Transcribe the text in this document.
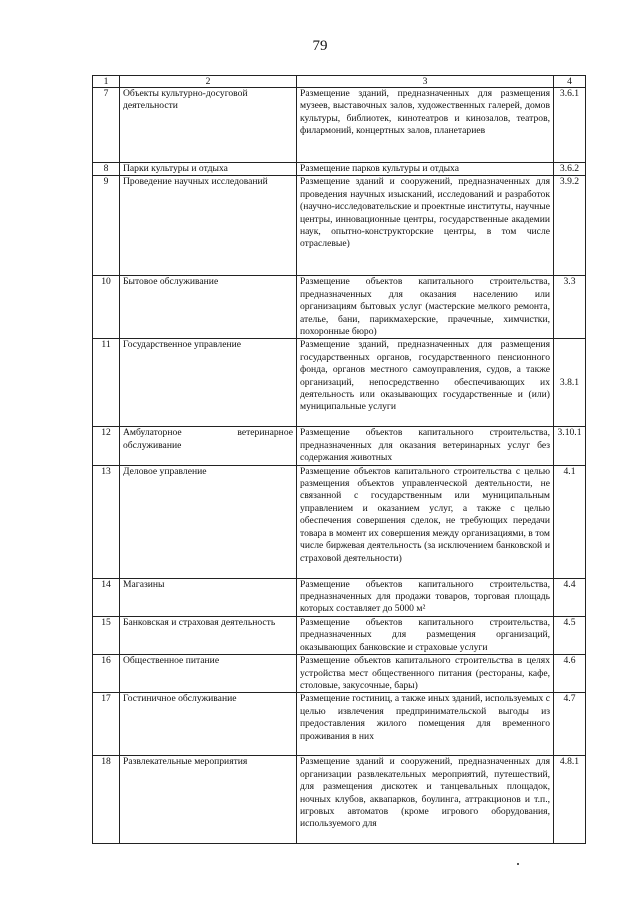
79
1	2	3	4
7	Объекты культурно-досуговой деятельности	Размещение зданий, предназначенных для размещения музеев, выставочных залов, художественных галерей, домов культуры, библиотек, кинотеатров и кинозалов, театров, филармоний, концертных залов, планетариев	3.6.1
8	Парки культуры и отдыха	Размещение парков культуры и отдыха	3.6.2
9	Проведение научных исследований	Размещение зданий и сооружений, предназначенных для проведения научных изысканий, исследований и разработок (научно-исследовательские и проектные институты, научные центры, инновационные центры, государственные академии наук, опытно-конструкторские центры, в том числе отраслевые)	3.9.2
10	Бытовое обслуживание	Размещение объектов капитального строительства, предназначенных для оказания населению или организациям бытовых услуг (мастерские мелкого ремонта, ателье, бани, парикмахерские, прачечные, химчистки, похоронные бюро)	3.3
11	Государственное управление	Размещение зданий, предназначенных для размещения государственных органов, государственного пенсионного фонда, органов местного самоуправления, судов, а также организаций, непосредственно обеспечивающих их деятельность или оказывающих государственные и (или) муниципальные услуги	3.8.1
12	Амбулаторное ветеринарное обслуживание	Размещение объектов капитального строительства, предназначенных для оказания ветеринарных услуг без содержания животных	3.10.1
13	Деловое управление	Размещение объектов капитального строительства с целью размещения объектов управленческой деятельности, не связанной с государственным или муниципальным управлением и оказанием услуг, а также с целью обеспечения совершения сделок, не требующих передачи товара в момент их совершения между организациями, в том числе биржевая деятельность (за исключением банковской и страховой деятельности)	4.1
14	Магазины	Размещение объектов капитального строительства, предназначенных для продажи товаров, торговая площадь которых составляет до 5000 м²	4.4
15	Банковская и страховая деятельность	Размещение объектов капитального строительства, предназначенных для размещения организаций, оказывающих банковские и страховые услуги	4.5
16	Общественное питание	Размещение объектов капитального строительства в целях устройства мест общественного питания (рестораны, кафе, столовые, закусочные, бары)	4.6
17	Гостиничное обслуживание	Размещение гостиниц, а также иных зданий, используемых с целью извлечения предпринимательской выгоды из предоставления жилого помещения для временного проживания в них	4.7
18	Развлекательные мероприятия	Размещение зданий и сооружений, предназначенных для организации развлекательных мероприятий, путешествий, для размещения дискотек и танцевальных площадок, ночных клубов, аквапарков, боулинга, аттракционов и т.п., игровых автоматов (кроме игрового оборудования, используемого для	4.8.1
